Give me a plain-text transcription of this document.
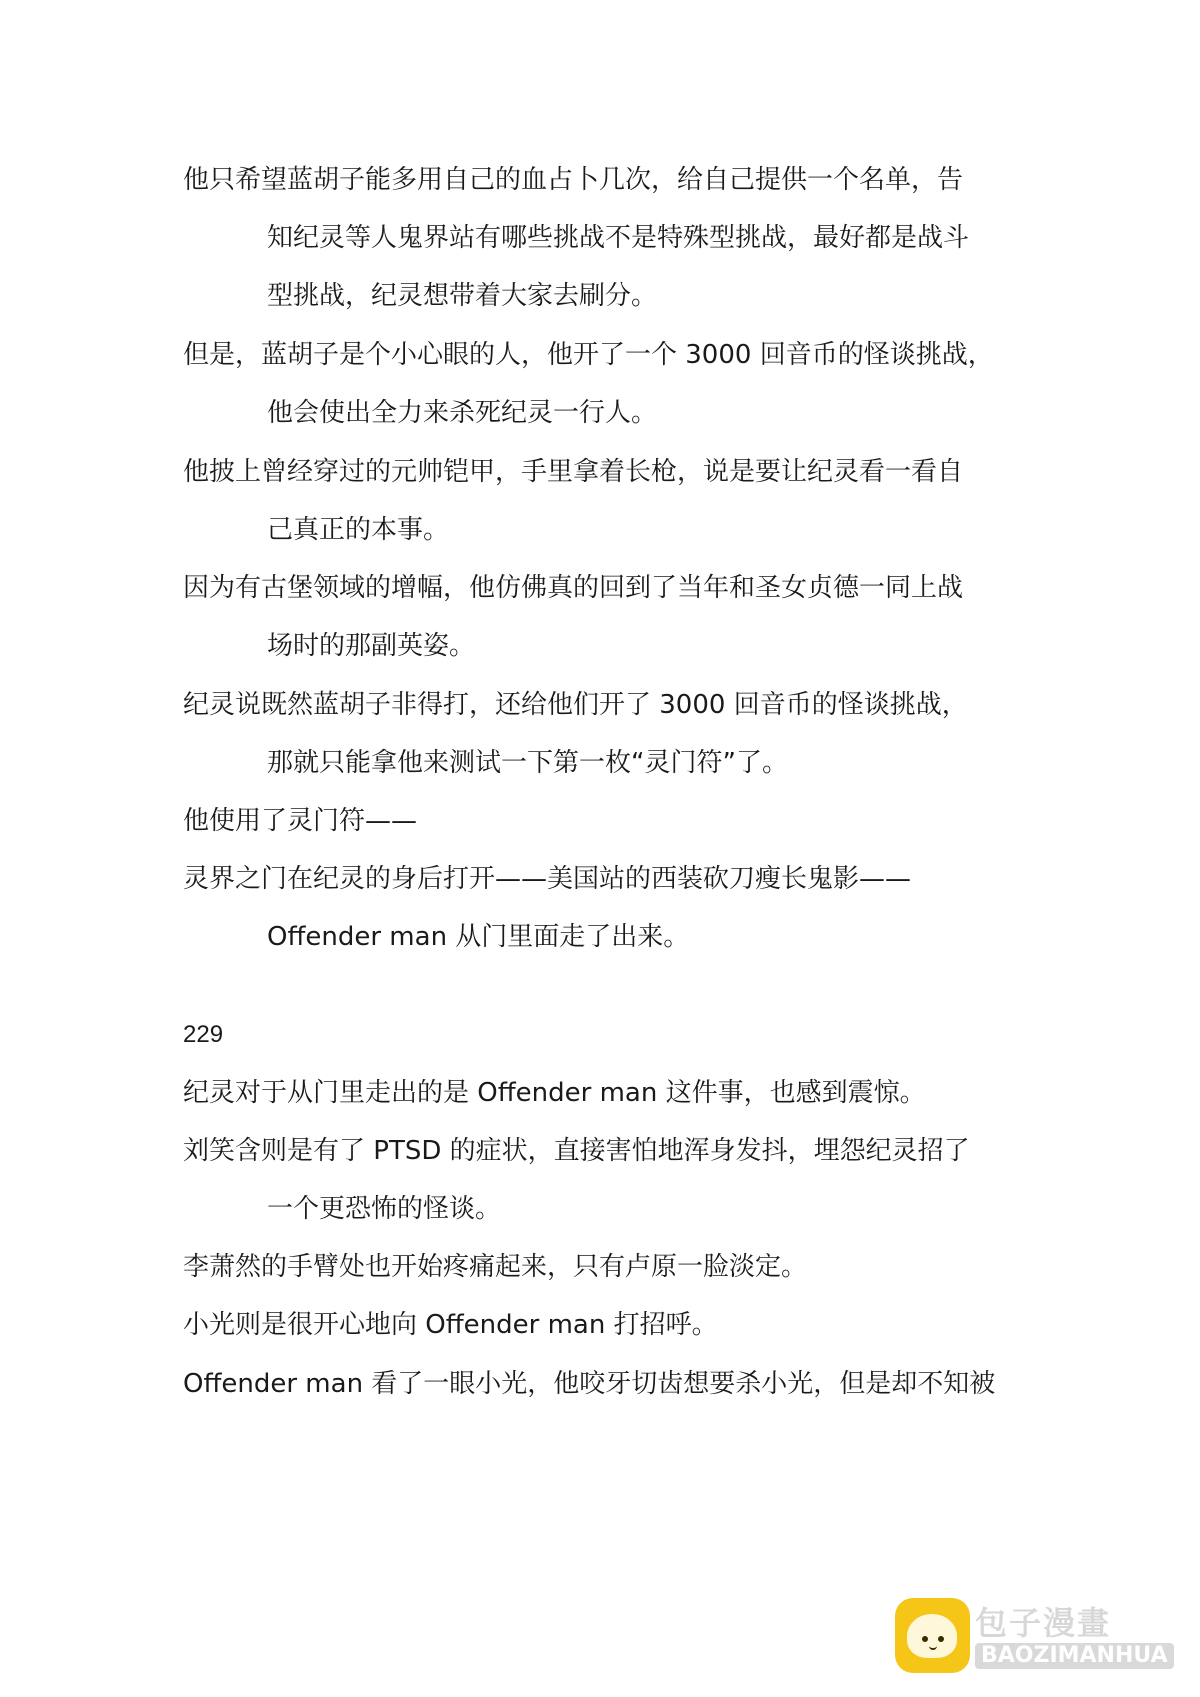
他只希望蓝胡子能多用自己的血占卜几次，给自己提供一个名单，告
知纪灵等人鬼界站有哪些挑战不是特殊型挑战，最好都是战斗
型挑战，纪灵想带着大家去刷分。
但是，蓝胡子是个小心眼的人，他开了一个 3000 回音币的怪谈挑战，
他会使出全力来杀死纪灵一行人。
他披上曾经穿过的元帅铠甲，手里拿着长枪，说是要让纪灵看一看自
己真正的本事。
因为有古堡领域的增幅，他仿佛真的回到了当年和圣女贞德一同上战
场时的那副英姿。
纪灵说既然蓝胡子非得打，还给他们开了 3000 回音币的怪谈挑战，
那就只能拿他来测试一下第一枚“灵门符”了。
他使用了灵门符——
灵界之门在纪灵的身后打开——美国站的西装砍刀瘦长鬼影——
Offender man 从门里面走了出来。
229
纪灵对于从门里走出的是 Offender man 这件事，也感到震惊。
刘笑含则是有了 PTSD 的症状，直接害怕地浑身发抖，埋怨纪灵招了
一个更恐怖的怪谈。
李萧然的手臂处也开始疼痛起来，只有卢原一脸淡定。
小光则是很开心地向 Offender man 打招呼。
Offender man 看了一眼小光，他咬牙切齿想要杀小光，但是却不知被
包子漫畫
BAOZIMANHUA
